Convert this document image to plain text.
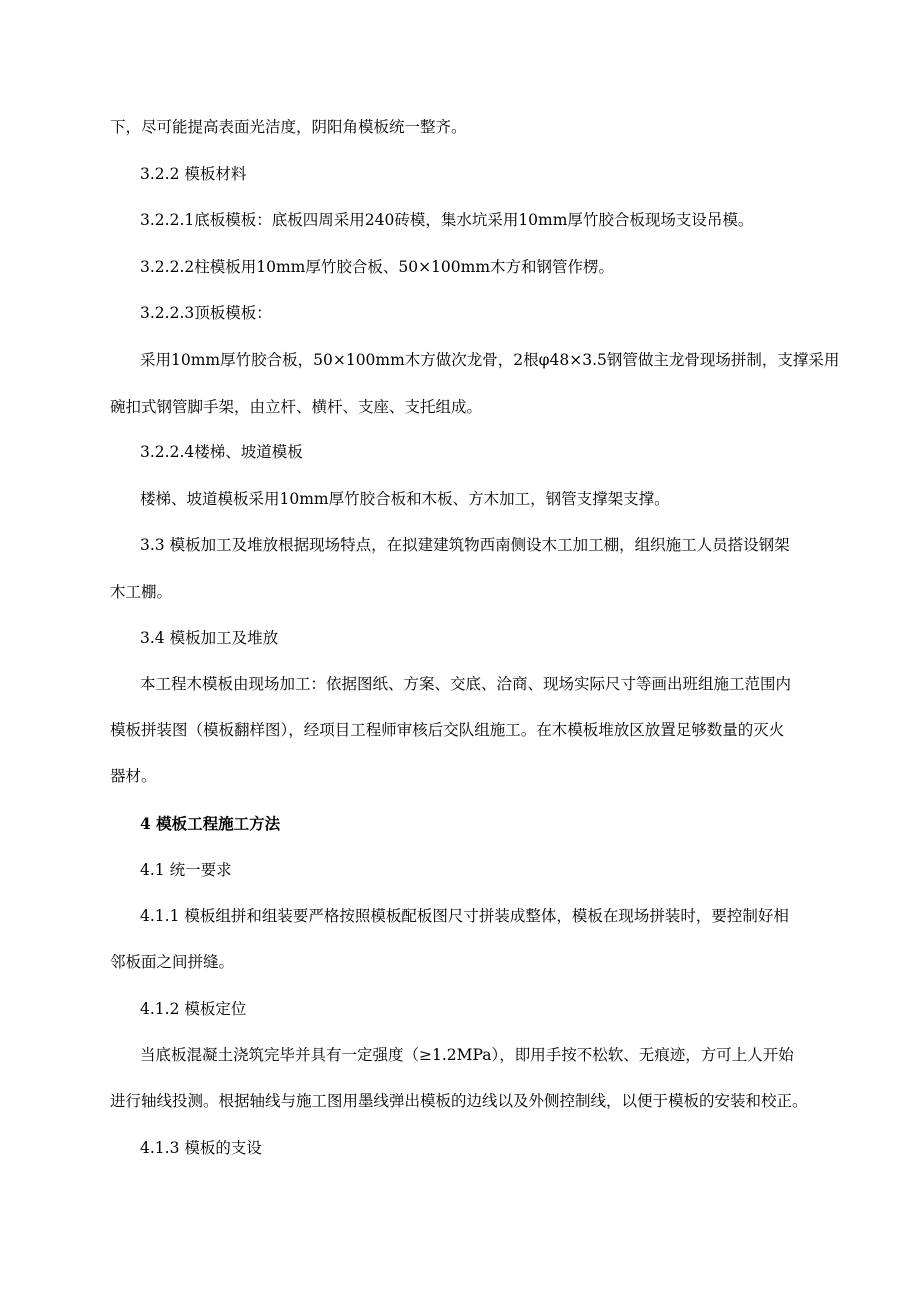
下，尽可能提高表面光洁度，阴阳角模板统一整齐。
3.2.2 模板材料
3.2.2.1底板模板：底板四周采用240砖模，集水坑采用10mm厚竹胶合板现场支设吊模。
3.2.2.2柱模板用10mm厚竹胶合板、50×100mm木方和钢管作楞。
3.2.2.3顶板模板：
采用10mm厚竹胶合板，50×100mm木方做次龙骨，2根φ48×3.5钢管做主龙骨现场拼制，支撑采用
碗扣式钢管脚手架，由立杆、横杆、支座、支托组成。
3.2.2.4楼梯、坡道模板
楼梯、坡道模板采用10mm厚竹胶合板和木板、方木加工，钢管支撑架支撑。
3.3 模板加工及堆放根据现场特点，在拟建建筑物西南侧设木工加工棚，组织施工人员搭设钢架
木工棚。
3.4 模板加工及堆放
本工程木模板由现场加工：依据图纸、方案、交底、洽商、现场实际尺寸等画出班组施工范围内
模板拼装图（模板翻样图），经项目工程师审核后交队组施工。在木模板堆放区放置足够数量的灭火
器材。
4 模板工程施工方法
4.1 统一要求
4.1.1 模板组拼和组装要严格按照模板配板图尺寸拼装成整体，模板在现场拼装时，要控制好相
邻板面之间拼缝。
4.1.2 模板定位
当底板混凝土浇筑完毕并具有一定强度（≥1.2MPa），即用手按不松软、无痕迹，方可上人开始
进行轴线投测。根据轴线与施工图用墨线弹出模板的边线以及外侧控制线，以便于模板的安装和校正。
4.1.3 模板的支设
